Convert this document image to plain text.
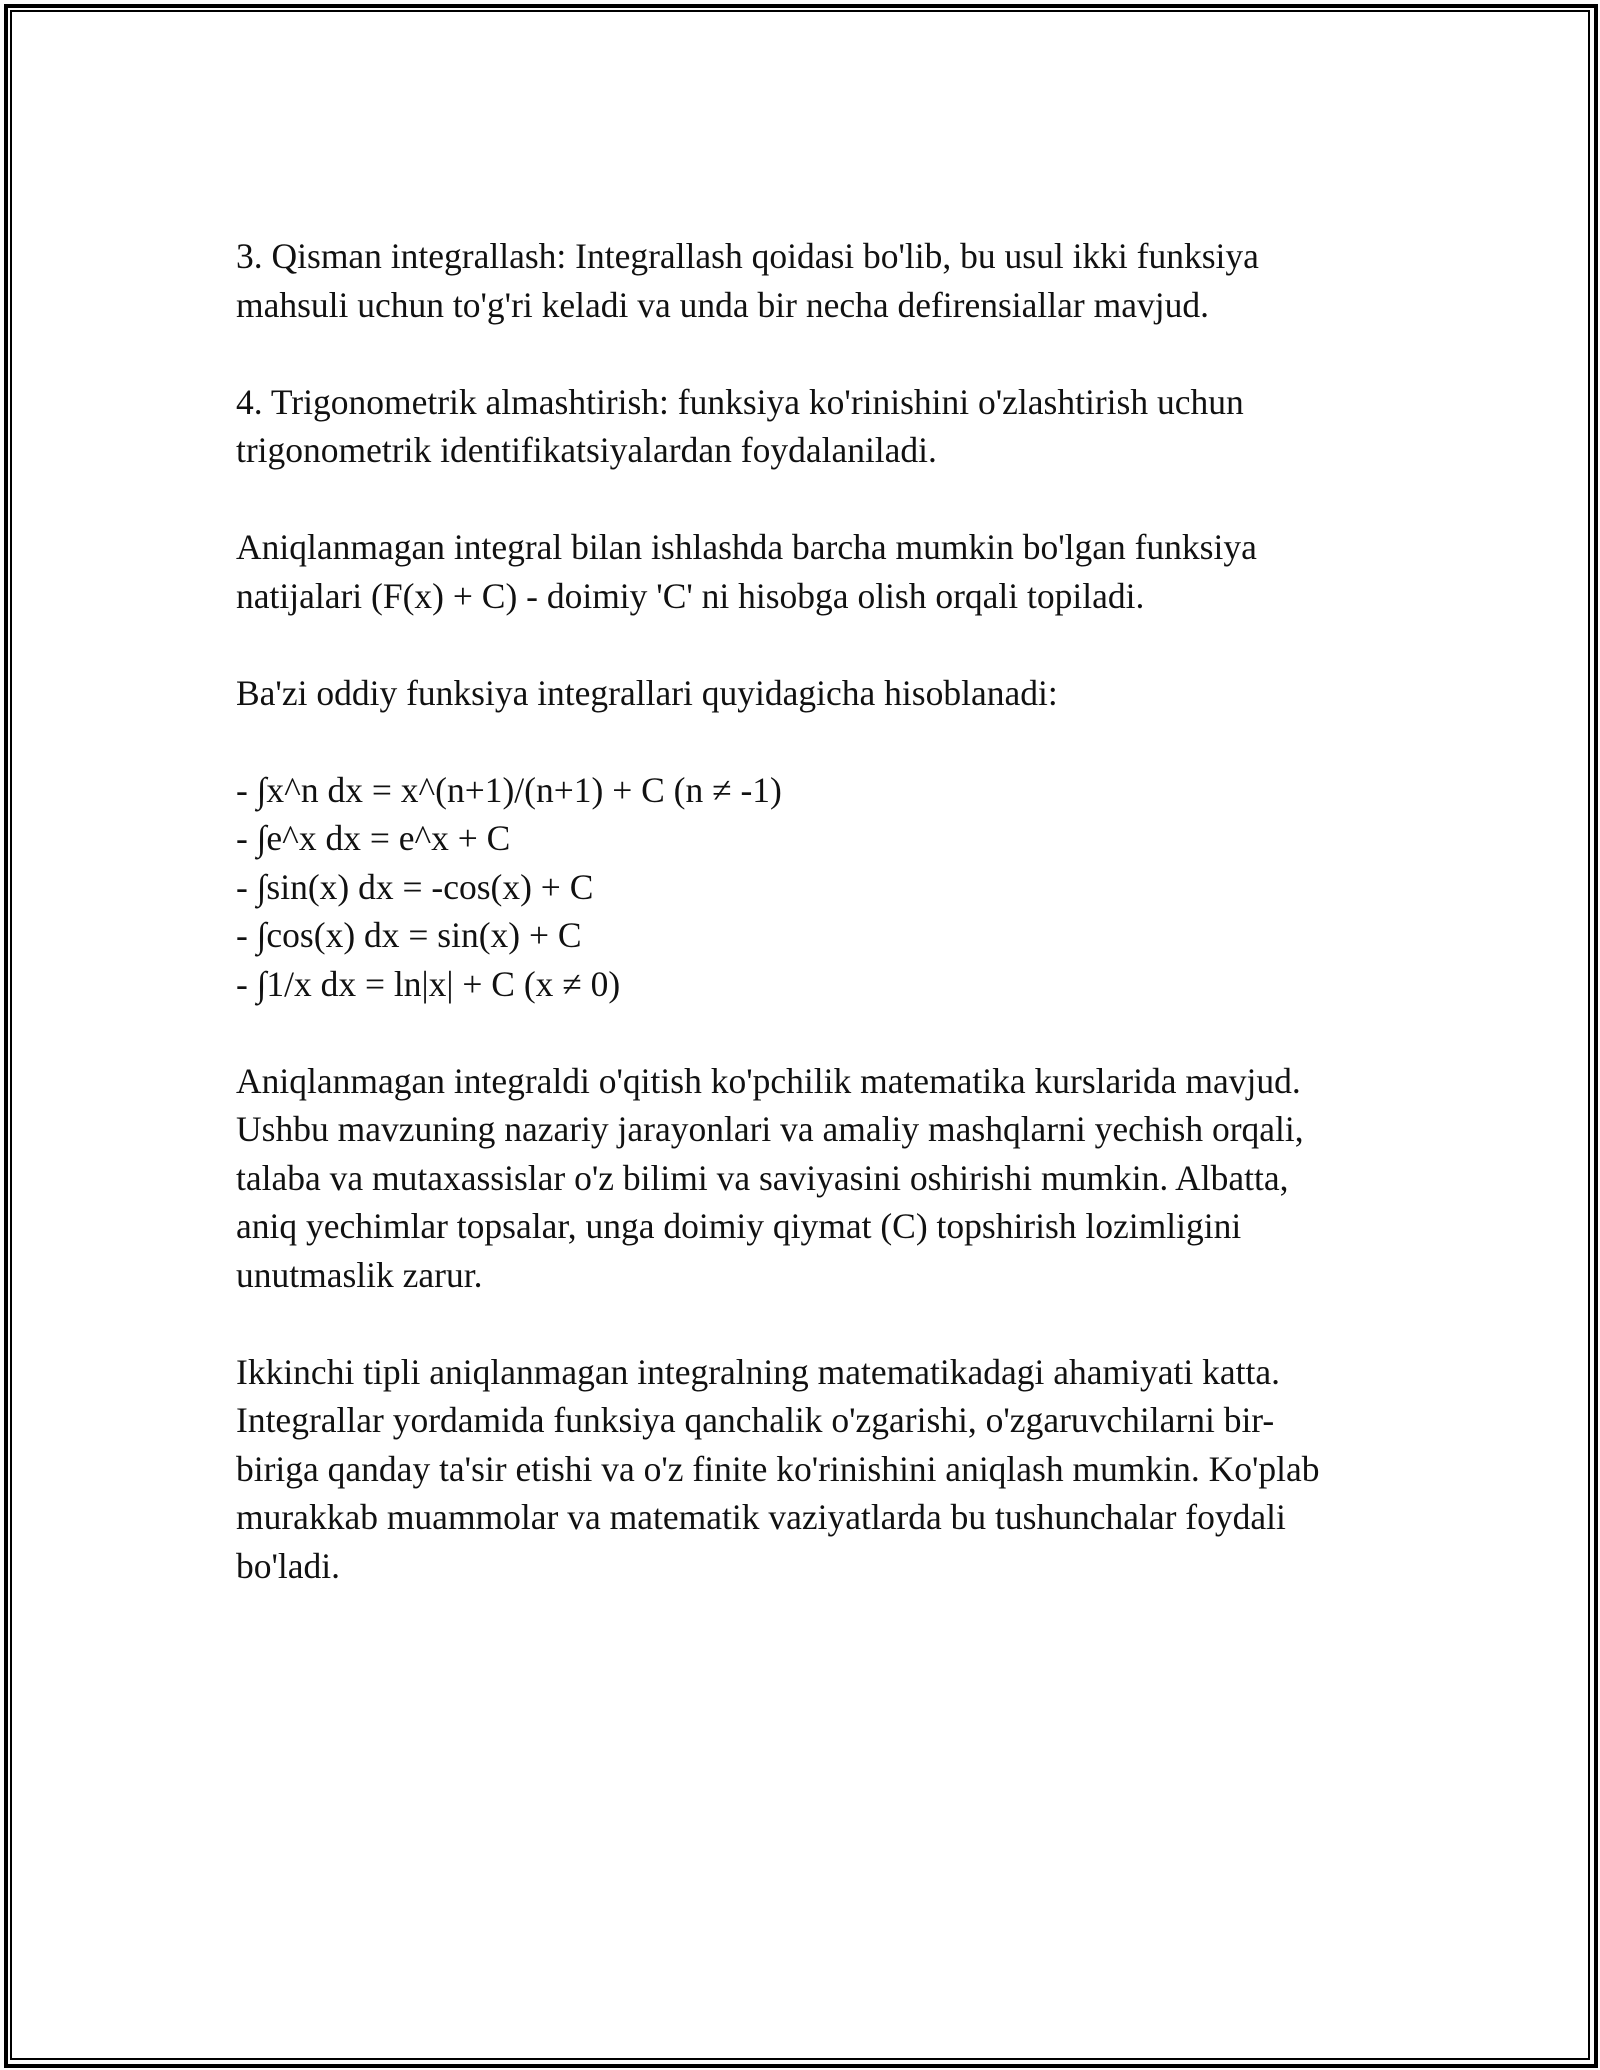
3. Qisman integrallash: Integrallash qoidasi bo'lib, bu usul ikki funksiya
mahsuli uchun to'g'ri keladi va unda bir necha defirensiallar mavjud.

4. Trigonometrik almashtirish: funksiya ko'rinishini o'zlashtirish uchun
trigonometrik identifikatsiyalardan foydalaniladi.

Aniqlanmagan integral bilan ishlashda barcha mumkin bo'lgan funksiya
natijalari (F(x) + C) - doimiy 'C' ni hisobga olish orqali topiladi.

Ba'zi oddiy funksiya integrallari quyidagicha hisoblanadi:

- ∫x^n dx = x^(n+1)/(n+1) + C (n ≠ -1)
- ∫e^x dx = e^x + C
- ∫sin(x) dx = -cos(x) + C
- ∫cos(x) dx = sin(x) + C
- ∫1/x dx = ln|x| + C (x ≠ 0)

Aniqlanmagan integraldi o'qitish ko'pchilik matematika kurslarida mavjud.
Ushbu mavzuning nazariy jarayonlari va amaliy mashqlarni yechish orqali,
talaba va mutaxassislar o'z bilimi va saviyasini oshirishi mumkin. Albatta,
aniq yechimlar topsalar, unga doimiy qiymat (C) topshirish lozimligini
unutmaslik zarur.

Ikkinchi tipli aniqlanmagan integralning matematikadagi ahamiyati katta.
Integrallar yordamida funksiya qanchalik o'zgarishi, o'zgaruvchilarni bir-
biriga qanday ta'sir etishi va o'z finite ko'rinishini aniqlash mumkin. Ko'plab
murakkab muammolar va matematik vaziyatlarda bu tushunchalar foydali
bo'ladi.
